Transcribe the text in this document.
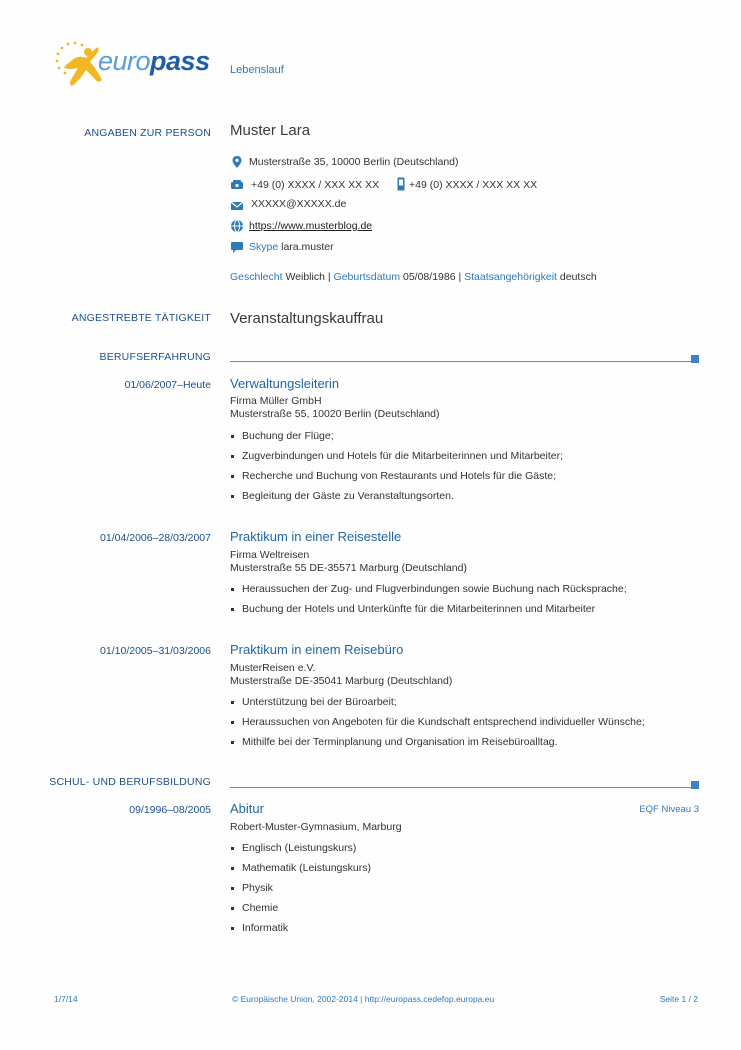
europass Lebenslauf
ANGABEN ZUR PERSON Muster Lara
Musterstraße 35, 10000 Berlin (Deutschland)
+49 (0) XXXX / XXX XX XX	+49 (0) XXXX / XXX XX XX
XXXXX@XXXXX.de
https://www.musterblog.de
Skype lara.muster
Geschlecht Weiblich | Geburtsdatum 05/08/1986 | Staatsangehörigkeit deutsch
ANGESTREBTE TÄTIGKEIT Veranstaltungskauffrau
BERUFSERFAHRUNG
01/06/2007–Heute Verwaltungsleiterin
Firma Müller GmbH
Musterstraße 55, 10020 Berlin (Deutschland)
Buchung der Flüge;
Zugverbindungen und Hotels für die Mitarbeiterinnen und Mitarbeiter;
Recherche und Buchung von Restaurants und Hotels für die Gäste;
Begleitung der Gäste zu Veranstaltungsorten.
01/04/2006–28/03/2007 Praktikum in einer Reisestelle
Firma Weltreisen
Musterstraße 55 DE-35571 Marburg (Deutschland)
Heraussuchen der Zug- und Flugverbindungen sowie Buchung nach Rücksprache;
Buchung der Hotels und Unterkünfte für die Mitarbeiterinnen und Mitarbeiter
01/10/2005–31/03/2006 Praktikum in einem Reisebüro
MusterReisen e.V.
Musterstraße DE-35041 Marburg (Deutschland)
Unterstützung bei der Büroarbeit;
Heraussuchen von Angeboten für die Kundschaft entsprechend individueller Wünsche;
Mithilfe bei der Terminplanung und Organisation im Reisebüroalltag.
SCHUL- UND BERUFSBILDUNG
09/1996–08/2005 Abitur	EQF Niveau 3
Robert-Muster-Gymnasium, Marburg
Englisch (Leistungskurs)
Mathematik (Leistungskurs)
Physik
Chemie
Informatik
1/7/14	© Europäische Union, 2002-2014 | http://europass.cedefop.europa.eu	Seite 1 / 2
